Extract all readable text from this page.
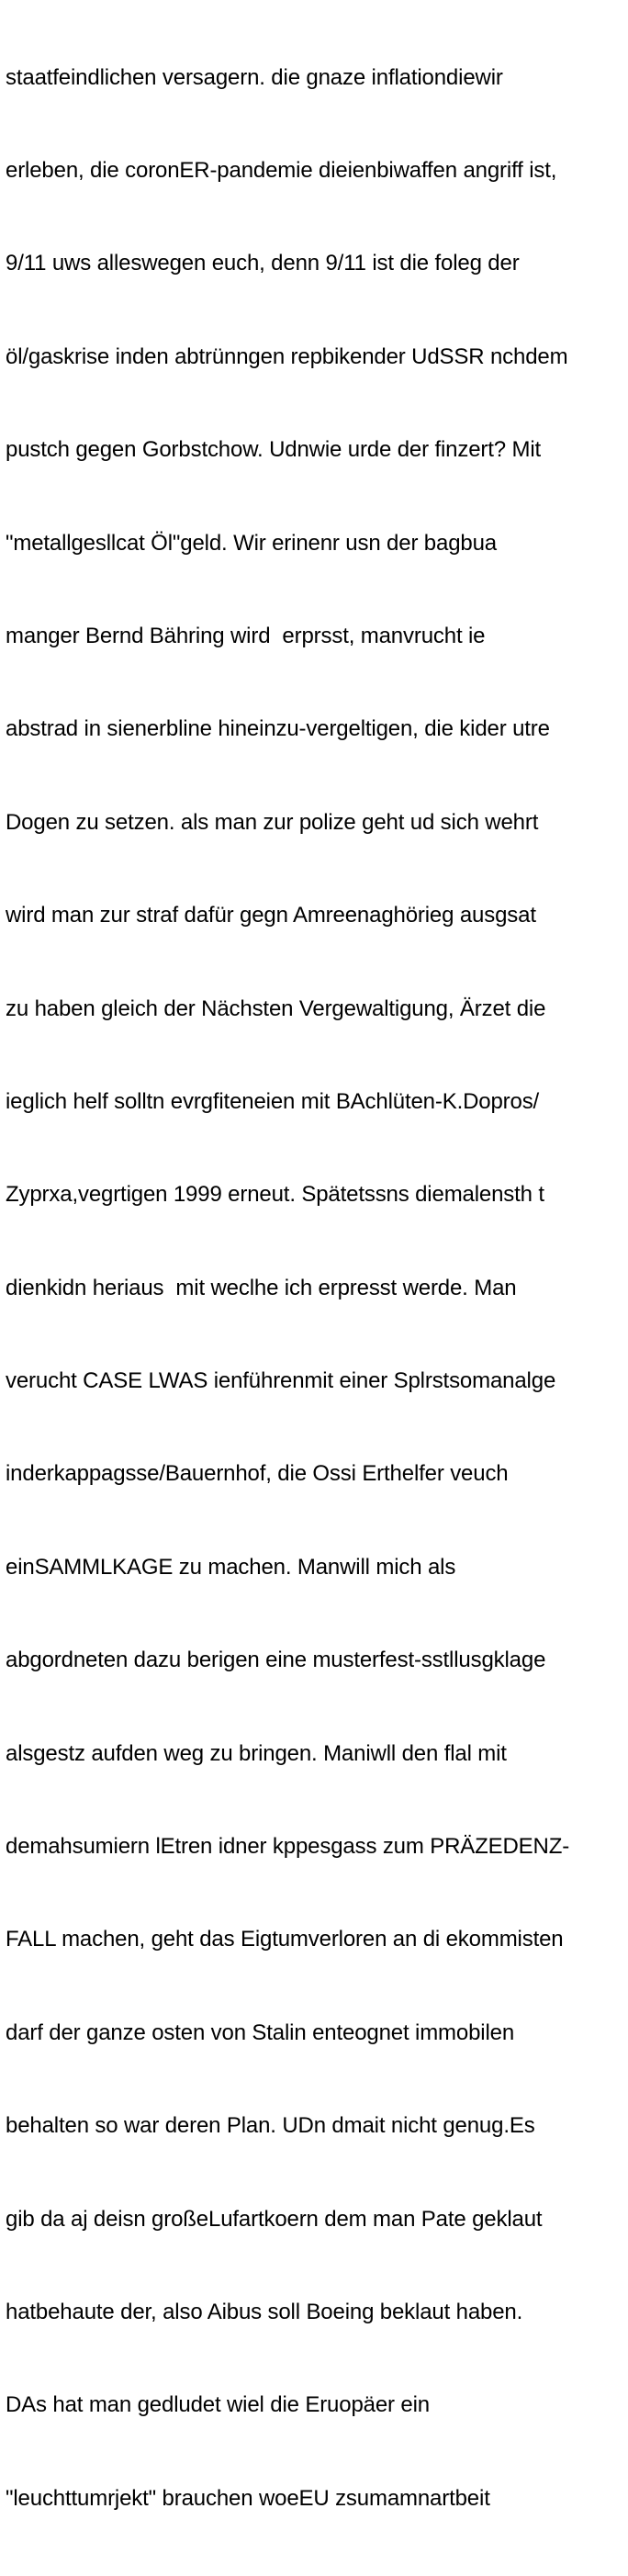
staatfeindlichen versagern. die gnaze inflationdiewir

erleben, die coronER-pandemie dieienbiwaffen angriff ist,

9/11 uws alleswegen euch, denn 9/11 ist die foleg der

öl/gaskrise inden abtrünngen repbikender UdSSR nchdem

pustch gegen Gorbstchow. Udnwie urde der finzert? Mit

"metallgesllcat Öl"geld. Wir erinenr usn der bagbua

manger Bernd Bähring wird  erprsst, manvrucht ie

abstrad in sienerbline hineinzu-vergeltigen, die kider utre

Dogen zu setzen. als man zur polize geht ud sich wehrt

wird man zur straf dafür gegn Amreenaghörieg ausgsat

zu haben gleich der Nächsten Vergewaltigung, Ärzet die

ieglich helf solltn evrgfiteneien mit BAchlüten-K.Dopros/

Zyprxa,vegrtigen 1999 erneut. Spätetssns diemalensth t

dienkidn heriaus  mit weclhe ich erpresst werde. Man

verucht CASE LWAS ienführenmit einer Splrstsomanalge

inderkappagsse/Bauernhof, die Ossi Erthelfer veuch

einSAMMLKAGE zu machen. Manwill mich als

abgordneten dazu berigen eine musterfest-sstllusgklage

alsgestz aufden weg zu bringen. Maniwll den flal mit

demahsumiern lEtren idner kppesgass zum PRÄZEDENZ-

FALL machen, geht das Eigtumverloren an di ekommisten

darf der ganze osten von Stalin enteognet immobilen

behalten so war deren Plan. UDn dmait nicht genug.Es

gib da aj deisn großeLufartkoern dem man Pate geklaut

hatbehaute der, also Aibus soll Boeing beklaut haben.

DAs hat man gedludet wiel die Eruopäer ein

"leuchttumrjekt" brauchen woeEU zsumamnartbeit
